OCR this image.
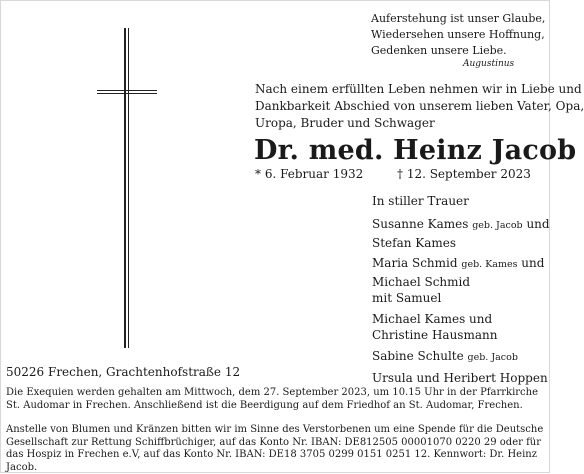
Auferstehung ist unser Glaube,
Wiedersehen unsere Hoffnung,
Gedenken unsere Liebe.
Augustinus
Nach einem erfüllten Leben nehmen wir in Liebe und
Dankbarkeit Abschied von unserem lieben Vater, Opa,
Uropa, Bruder und Schwager
Dr. med. Heinz Jacob
* 6. Februar 1932	† 12. September 2023
In stiller Trauer
Susanne Kames geb. Jacob und
Stefan Kames
Maria Schmid geb. Kames und
Michael Schmid
mit Samuel
Michael Kames und
Christine Hausmann
Sabine Schulte geb. Jacob
Ursula und Heribert Hoppen
50226 Frechen, Grachtenhofstraße 12
Die Exequien werden gehalten am Mittwoch, dem 27. September 2023, um 10.15 Uhr in der Pfarrkirche St. Audomar in Frechen. Anschließend ist die Beerdigung auf dem Friedhof an St. Audomar, Frechen.
Anstelle von Blumen und Kränzen bitten wir im Sinne des Verstorbenen um eine Spende für die Deutsche Gesellschaft zur Rettung Schiffbrüchiger, auf das Konto Nr. IBAN: DE812505 00001070 0220 29 oder für das Hospiz in Frechen e.V, auf das Konto Nr. IBAN: DE18 3705 0299 0151 0251 12. Kennwort: Dr. Heinz Jacob.
